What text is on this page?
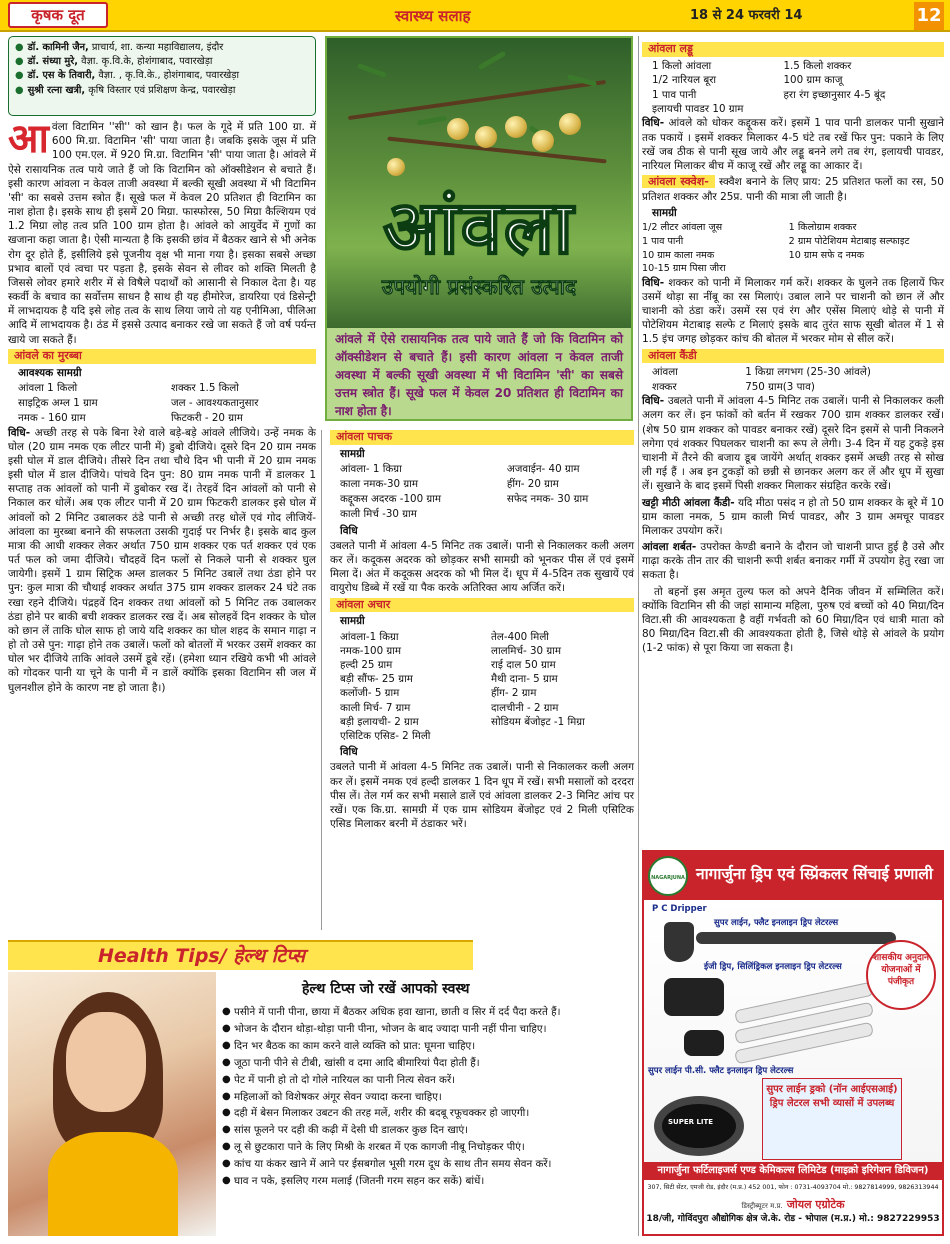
कृषक दूत	स्वास्थ्य सलाह	18 से 24 फरवरी 14	12
● डॉ. कामिनी जैन, प्राचार्य, शा. कन्या महाविद्यालय, इंदौर
● डॉ. संध्या मुरे, वैज्ञा. कृ.वि.के, होशंगाबाद, पवारखेड़ा
● डॉ. एस के तिवारी, वैज्ञा. , कृ.वि.के., होशंगाबाद, पवारखेड़ा
● सुश्री रत्ना खत्री, कृषि विस्तार एवं प्रशिक्षण केन्द्र, पवारखेड़ा

आवंला विटामिन ''सी'' को खान है। फल के गूदे में प्रति 100 ग्रा. में 600 मि.ग्रा. विटामिन 'सी' पाया जाता है। जबकि इसके जूस में प्रति 100 एम.एल. में 920 मि.ग्रा. विटामिन 'सी' पाया जाता है। आंवले में ऐसे रासायनिक तत्व पाये जाते हैं जो कि विटामिन को ऑक्सीडेशन से बचाते हैं। इसी कारण आंवला न केवल ताजी अवस्था में बल्की सूखी अवस्था में भी विटामिन 'सी' का सबसे उत्तम स्त्रोत हैं। सूखे फल में केवल 20 प्रतिशत ही विटामिन का नाश होता है। इसके साथ ही इसमें 20 मिग्रा. फास्फोरस, 50 मिग्रा कैल्शियम एवं 1.2 मिग्रा लोह तत्व प्रति 100 ग्राम होता है। आंवले को आयुर्वेद में गुणों का खजाना कहा जाता है। ऐसी मान्यता है कि इसकी छांव में बैठकर खाने से भी अनेक रोग दूर होते हैं, इसीलिये इसे पूजनीय वृक्ष भी माना गया है। इसका सबसे अच्छा प्रभाव बालों एवं त्वचा पर पड़ता है, इसके सेवन से लीवर को शक्ति मिलती है जिससे लोवर हमारे शरीर में से विषैले पदार्थों को आसानी से निकाल देता है। यह स्कर्वी के बचाव का सर्वोत्तम साधन है साथ ही यह हीमोरेज, डायरिया एवं डिसेन्ट्री में लाभदायक है यदि इसे लोह तत्व के साथ लिया जाये तो यह एनीमिआ, पीलिआ आदि में लाभदायक है। ठंड में इससे उत्पाद बनाकर रखे जा सकते हैं जो वर्ष पर्यन्त खाये जा सकते हैं।

आंवले का मुरब्बा
आवश्यक सामग्री
आंवला 1 किलो	शक्कर 1.5 किलो
साइट्रिक अम्ल 1 ग्राम	जल - आवश्यकतानुसार
नमक - 160 ग्राम	फिटकरी - 20 ग्राम

विधि- अच्छी तरह से पके बिना रेशे वाले बड़े-बड़े आंवले लीजिये। उन्हें नमक के घोल (20 ग्राम नमक एक लीटर पानी में) डुबो दीजिये। दूसरे दिन 20 ग्राम नमक इसी घोल में डाल दीजिये। तीसरे दिन तथा चौथे दिन भी पानी में 20 ग्राम नमक इसी घोल में डाल दीजिये। पांचवे दिन पुन: 80 ग्राम नमक पानी में डालकर 1 सप्ताह तक आंवलों को पानी में डुबोकर रख दें। तेरहवें दिन आंवलों को पानी से निकाल कर धोलें। अब एक लीटर पानी में 20 ग्राम फिटकरी डालकर इसे घोल में आंवलों को 2 मिनिट उबालकर ठंडे पानी से अच्छी तरह धोलें एवं गोद लीजियें- आंवला का मुरब्बा बनाने की सफलता उसकी गुदाई पर निर्भर है। इसके बाद कुल मात्रा की आधी शक्कर लेकर अर्थात 750 ग्राम शक्कर एक पर्त शक्कर एवं एक पर्त फल को जमा दीजिये। चौदहवें दिन फलों से निकले पानी से शक्कर घुल जायेगी। इसमें 1 ग्राम सिट्रिक अम्ल डालकर 5 मिनिट उबालें तथा ठंडा होने पर पुन: कुल मात्रा की चौथाई शक्कर अर्थात 375 ग्राम शक्कर डालकर 24 घंटे तक रखा रहने दीजिये। पंद्रहवें दिन शक्कर तथा आंवलों को 5 मिनिट तक उबालकर ठंडा होने पर बाकी बची शक्कर डालकर रख दें। अब सोलहवें दिन शक्कर के घोल को छान लें ताकि घोल साफ हो जाये यदि शक्कर का घोल शहद के समान गाढ़ा न हो तो उसे पुन: गाढ़ा होने तक उबालें। फलों को बोतलों में भरकर उसमें शक्कर का घोल भर दीजिये ताकि आंवले उसमें डूबे रहें। (हमेशा ध्यान रखिये कभी भी आंवले को गोदकर पानी या चूने के पानी में न डालें क्योंकि इसका विटामिन सी जल में घुलनशील होने के कारण नष्ट हो जाता है।)

आंवला
उपयोगी प्रसंस्करित उत्पाद
आंवले में ऐसे रासायनिक तत्व पाये जाते हैं जो कि विटामिन को ऑक्सीडेशन से बचाते हैं। इसी कारण आंवला न केवल ताजी अवस्था में बल्की सूखी अवस्था में भी विटामिन 'सी' का सबसे उत्तम स्त्रोत हैं। सूखे फल में केवल 20 प्रतिशत ही विटामिन का नाश होता है।
आंवला पाचक
सामग्री
आंवला- 1 किग्रा	अजवाईन- 40 ग्राम
काला नमक-30 ग्राम	हींग- 20 ग्राम
कद्दूकस अदरक -100 ग्राम	सफेद नमक- 30 ग्राम
काली मिर्च -30 ग्राम
विधि

उबलते पानी में आंवला 4-5 मिनिट तक उबालें। पानी से निकालकर कली अलग कर लें। कदूकस अदरक को छोड़कर सभी सामग्री को भूनकर पीस लें एवं इसमें मिला दें। अंत में कदूकस अदरक को भी मिल दें। धूप में 4-5दिन तक सुखायें एवं वायुरोध डिब्बे में रखें या पैक करके अतिरिक्त आय अर्जित करें।

आंवला अचार
सामग्री
आंवला-1 किग्रा	तेल-400 मिली
नमक-100 ग्राम	लालमिर्च- 30 ग्राम
हल्दी 25 ग्राम	राई दाल 50 ग्राम
बड़ी सौंफ- 25 ग्राम	मैथी दाना- 5 ग्राम
कलोंजी- 5 ग्राम	हींग- 2 ग्राम
काली मिर्च- 7 ग्राम	दालचीनी - 2 ग्राम
बड़ी इलायची- 2 ग्राम	सोडियम बेंजोइट -1 मिग्रा
एसिटिक एसिड- 2 मिली
विधि

उबलते पानी में आंवला 4-5 मिनिट तक उबालें। पानी से निकालकर कली अलग कर लें। इसमें नमक एवं हल्दी डालकर 1 दिन धूप में रखें। सभी मसालों को दरदरा पीस लें। तेल गर्म कर सभी मसाले डालें एवं आंवला डालकर 2-3 मिनिट आंच पर रखें। एक कि.ग्रा. सामग्री में एक ग्राम सोडियम बेंजोइट एवं 2 मिली एसिटिक एसिड मिलाकर बरनी में ठंडाकर भरें।

आंवला लड्डू
1 किलो आंवला	1.5 किलो शक्कर
1/2 नारियल बूरा	100 ग्राम काजू
1 पाव पानी	हरा रंग इच्छानुसार 4-5 बूंद
इलायची पावडर 10 ग्राम

विधि- आंवले को धोकर कद्दूकस करें। इसमें 1 पाव पानी डालकर पानी सुखाने तक पकायें । इसमें शक्कर मिलाकर 4-5 घंटे तब रखें फिर पुन: पकाने के लिए रखें जब ठीक से पानी सूख जाये और लड्डू बनने लगे तब रंग, इलायची पावडर, नारियल मिलाकर बीच में काजू रखें और लड्डू का आकार दें।

आंवला स्क्वेश- स्क्वैश बनाने के लिए प्राय: 25 प्रतिशत फलों का रस, 50 प्रतिशत शक्कर और 25प्र. पानी की मात्रा ली जाती है।

सामग्री
1/2 लीटर आंवला जूस	1 किलोग्राम शक्कर
1 पाव पानी	2 ग्राम पोटेशियम मेटाबाइ सल्फाइट
10 ग्राम काला नमक	10 ग्राम सफे द नमक
10-15 ग्राम पिसा जीरा

विधि- शक्कर को पानी में मिलाकर गर्म करें। शक्कर के घुलने तक हिलायें फिर उसमें थोड़ा सा नींबू का रस मिलाएं। उबाल लाने पर चाशनी को छान लें और चाशनी को ठंडा करें। उसमें रस एवं रंग और एसेंस मिलाएं थोड़े से पानी में पोटेशियम मेटाबाइ सल्फे ट मिलाएं इसके बाद तुरंत साफ सूखी बोतल में 1 से 1.5 इंच जगह छोड़कर कांच की बोतल में भरकर मोम से सील करें।

आंवला कैंडी
आंवला	1 किग्रा लगभग (25-30 आंवले)
शक्कर	750 ग्राम(3 पाव)

विधि- उबलते पानी में आंवला 4-5 मिनिट तक उबालें। पानी से निकालकर कली अलग कर लें। इन फांकों को बर्तन में रखकर 700 ग्राम शक्कर डालकर रखें। (शेष 50 ग्राम शक्कर को पावडर बनाकर रखें) दूसरे दिन इसमें से पानी निकलने लगेगा एवं शक्कर पिघलकर चाशनी का रूप ले लेगी। 3-4 दिन में यह टुकड़े इस चाशनी में तैरने की बजाय डूब जायेंगे अर्थात् शक्कर इसमें अच्छी तरह से सोख ली गई हैं । अब इन टुकड़ों को छन्नी से छानकर अलग कर लें और धूप में सुखा लें। सुखाने के बाद इसमें पिसी शक्कर मिलाकर संग्रहित करके रखें।

खट्टी मीठी आंवला कैंडी- यदि मीठा पसंद न हो तो 50 ग्राम शक्कर के बूरे में 10 ग्राम काला नमक, 5 ग्राम काली मिर्च पावडर, और 3 ग्राम अमचूर पावडर मिलाकर उपयोग करें।

आंवला शर्बत- उपरोक्त केण्डी बनाने के दौरान जो चाशनी प्राप्त हुई है उसे और गाढ़ा करके तीन तार की चाशनी रूपी शर्बत बनाकर गर्मी में उपयोग हेतु रखा जा सकता है।

तो बहनों इस अमृत तुल्य फल को अपने दैनिक जीवन में सम्मिलित करें। क्योंकि विटामिन सी की जहां सामान्य महिला, पुरुष एवं बच्चों को 40 मिग्रा/दिन विटा.सी की आवश्यकता है वहीं गर्भवती को 60 मिग्रा/दिन एवं धात्री माता को 80 मिग्रा/दिन विटा.सी की आवश्यकता होती है, जिसे थोड़े से आंवले के प्रयोग (1-2 फांक) से पूरा किया जा सकता है।

Health Tips/ हेल्थ टिप्स
हेल्थ टिप्स जो रखें आपको स्वस्थ
● पसीने में पानी पीना, छाया में बैठकर अधिक हवा खाना, छाती व सिर में दर्द पैदा करते हैं।
● भोजन के दौरान थोड़ा-थोड़ा पानी पीना, भोजन के बाद ज्यादा पानी नहीं पीना चाहिए।
● दिन भर बैठक का काम करने वाले व्यक्ति को प्रात: घूमना चाहिए।
● जूठा पानी पीने से टीबी, खांसी व दमा आदि बीमारियां पैदा होती हैं।
● पेट में पानी हो तो दो गोले नारियल का पानी नित्य सेवन करें।
● महिलाओं को विशेषकर अंगूर सेवन ज्यादा करना चाहिए।
● दही में बेसन मिलाकर उबटन की तरह मलें, शरीर की बदबू रफूचक्कर हो जाएगी।
● सांस फूलने पर दही की कढ़ी में देसी घी डालकर कुछ दिन खाएं।
● लू से छुटकारा पाने के लिए मिश्री के शरबत में एक कागजी नीबू निचोड़कर पीएं।
● कांच या कंकर खाने में आने पर ईसबगोल भूसी गरम दूध के साथ तीन समय सेवन करें।
● घाव न पके, इसलिए गरम मलाई (जितनी गरम सहन कर सकें) बांधें।
NAGARJUNA नागार्जुना ड्रिप एवं स्प्रिंकलर सिंचाई प्रणाली
P C Dripper
सुपर लाईन, फ्लैट इनलाइन ड्रिप लेटरल्स
ईजी ड्रिप, सिलिंड्रिकल इनलाइन ड्रिप लेटरल्स
सुपर लाईन पी.सी. फ्लैट इनलाइन ड्रिप लेटरल्स
SUPER LITE
शासकीय अनुदान योजनाओं में पंजीकृत
सुपर लाईन ड्रको (नॉन आईएसआई) ड्रिप लेटरल सभी व्यासों में उपलब्ध
नागार्जुना फर्टिलाइजर्स एण्ड केमिकल्स लिमिटेड (माइक्रो इरिगेशन डिविजन)
307, सिटी सेंटर, एमजी रोड, इंदौर (म.प्र.) 452 001, फोन : 0731-4093704 मो.: 9827814999, 9826313944
डिस्ट्रीब्यूटर म.प्र. जोयल एग्रोटेक
18/जी, गोविंदपुरा औद्योगिक क्षेत्र जे.के. रोड - भोपाल (म.प्र.) मो.: 9827229953
